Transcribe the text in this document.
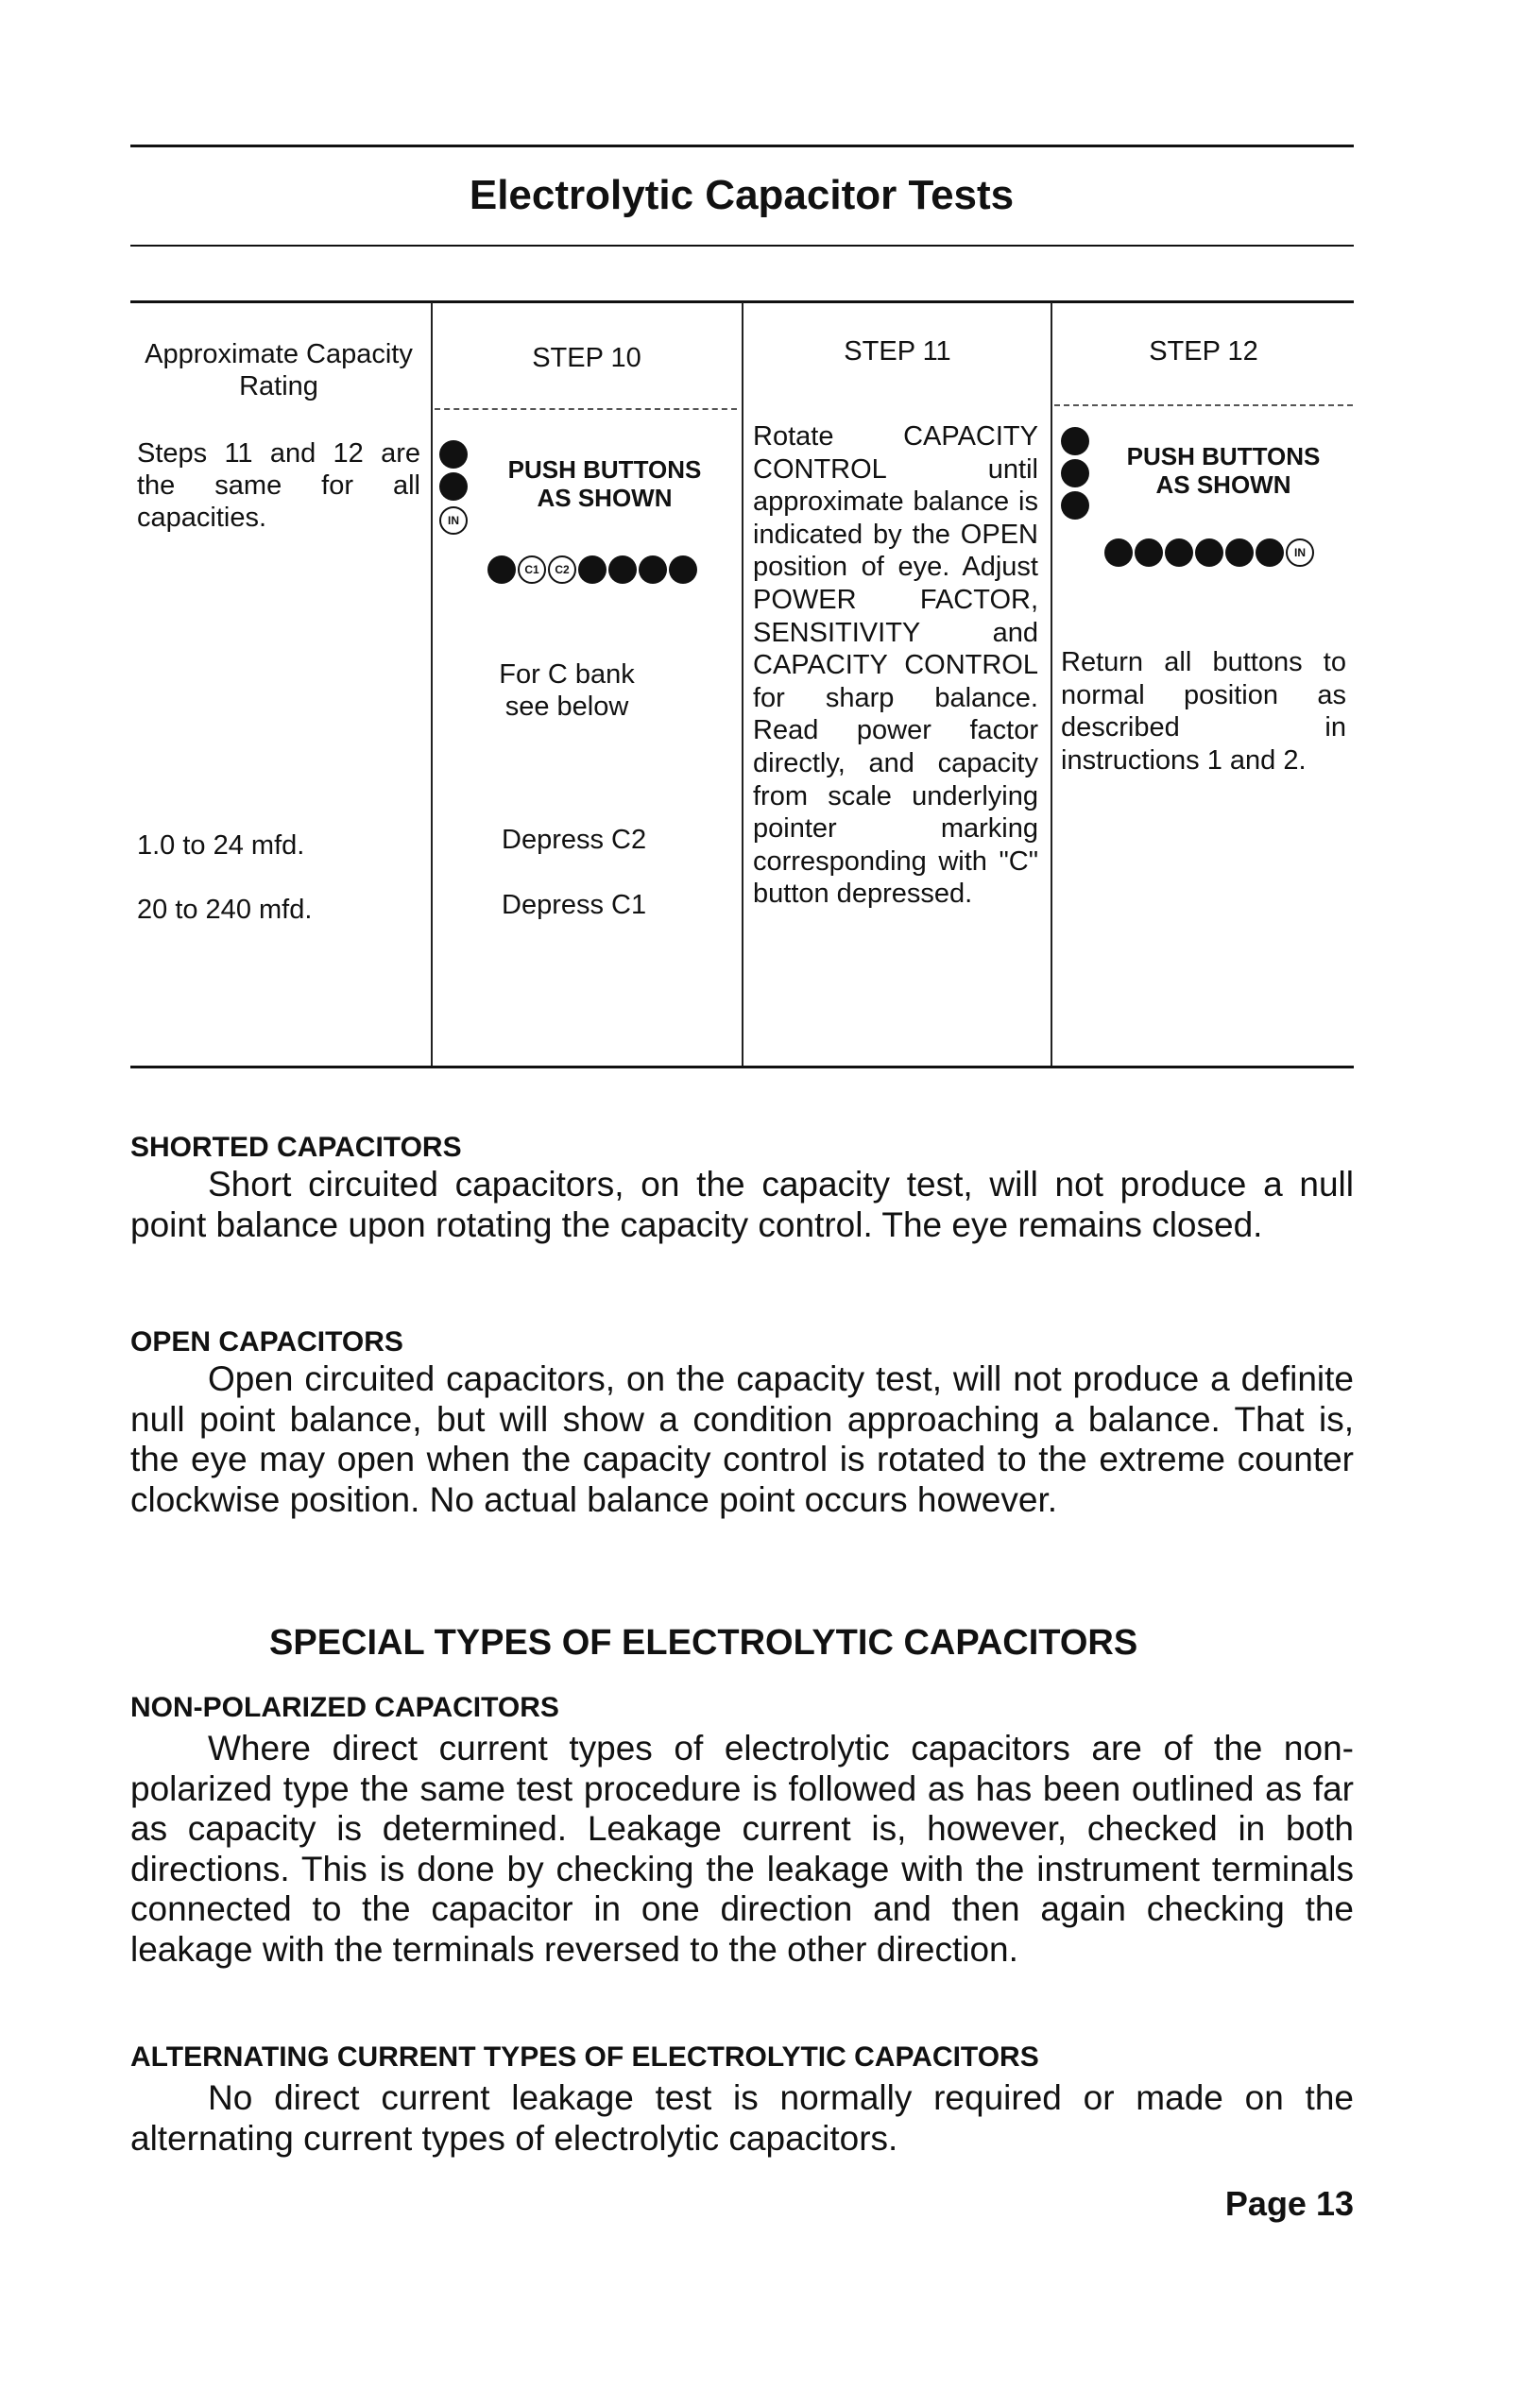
Electrolytic Capacitor Tests
Approximate Capacity Rating
STEP 10	STEP 11	STEP 12
Steps 11 and 12 are the same for all capacities.
1.0 to 24 mfd.
20 to 240 mfd.
IN
PUSH BUTTONS
AS SHOWN
C1 C2
For C bank see below
Depress C2
Depress C1
Rotate CAPACITY CONTROL until approximate balance is indicated by the OPEN position of eye. Adjust POWER FACTOR, SENSITIVITY and CAPACITY CONTROL for sharp balance. Read power factor directly, and capacity from scale underlying pointer marking corresponding with "C" button depressed.
PUSH BUTTONS
AS SHOWN
IN
Return all buttons to normal position as described in instructions 1 and 2.
SHORTED CAPACITORS
Short circuited capacitors, on the capacity test, will not produce a null point balance upon rotating the capacity control. The eye remains closed.
OPEN CAPACITORS
Open circuited capacitors, on the capacity test, will not produce a definite null point balance, but will show a condition approaching a balance. That is, the eye may open when the capacity control is rotated to the extreme counter clockwise position. No actual balance point occurs however.
SPECIAL TYPES OF ELECTROLYTIC CAPACITORS
NON-POLARIZED CAPACITORS
Where direct current types of electrolytic capacitors are of the non-polarized type the same test procedure is followed as has been outlined as far as capacity is determined. Leakage current is, however, checked in both directions. This is done by checking the leakage with the instrument terminals connected to the capacitor in one direction and then again checking the leakage with the terminals reversed to the other direction.
ALTERNATING CURRENT TYPES OF ELECTROLYTIC CAPACITORS
No direct current leakage test is normally required or made on the alternating current types of electrolytic capacitors.
Page 13
